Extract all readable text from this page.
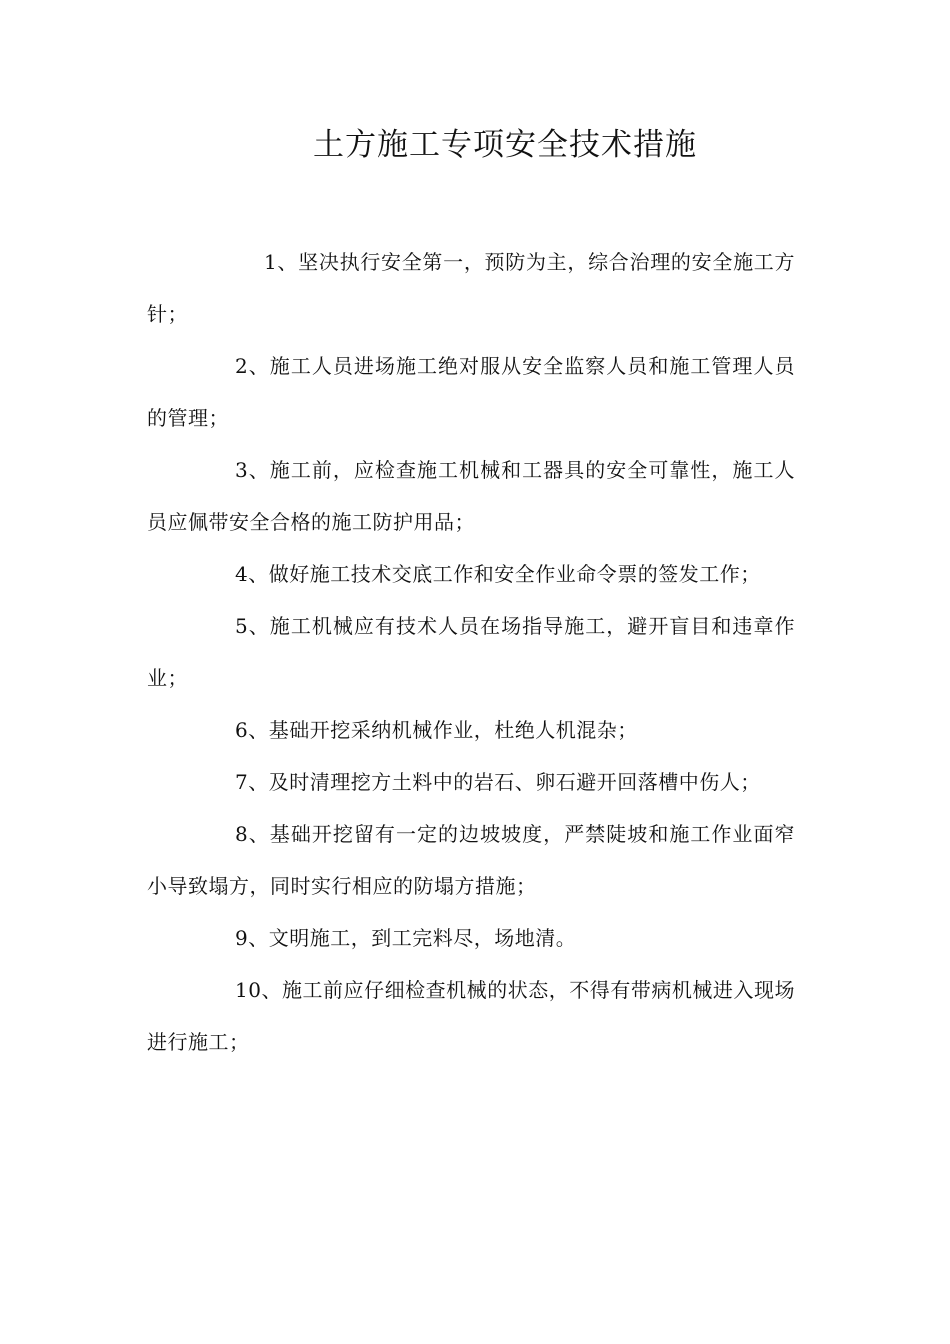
土方施工专项安全技术措施

1、坚决执行安全第一，预防为主，综合治理的安全施工方针；

2、施工人员进场施工绝对服从安全监察人员和施工管理人员的管理；

3、施工前，应检查施工机械和工器具的安全可靠性，施工人员应佩带安全合格的施工防护用品；

4、做好施工技术交底工作和安全作业命令票的签发工作；

5、施工机械应有技术人员在场指导施工，避开盲目和违章作业；

6、基础开挖采纳机械作业，杜绝人机混杂；

7、及时清理挖方土料中的岩石、卵石避开回落槽中伤人；

8、基础开挖留有一定的边坡坡度，严禁陡坡和施工作业面窄小导致塌方，同时实行相应的防塌方措施；

9、文明施工，到工完料尽，场地清。

10、施工前应仔细检查机械的状态，不得有带病机械进入现场进行施工；
